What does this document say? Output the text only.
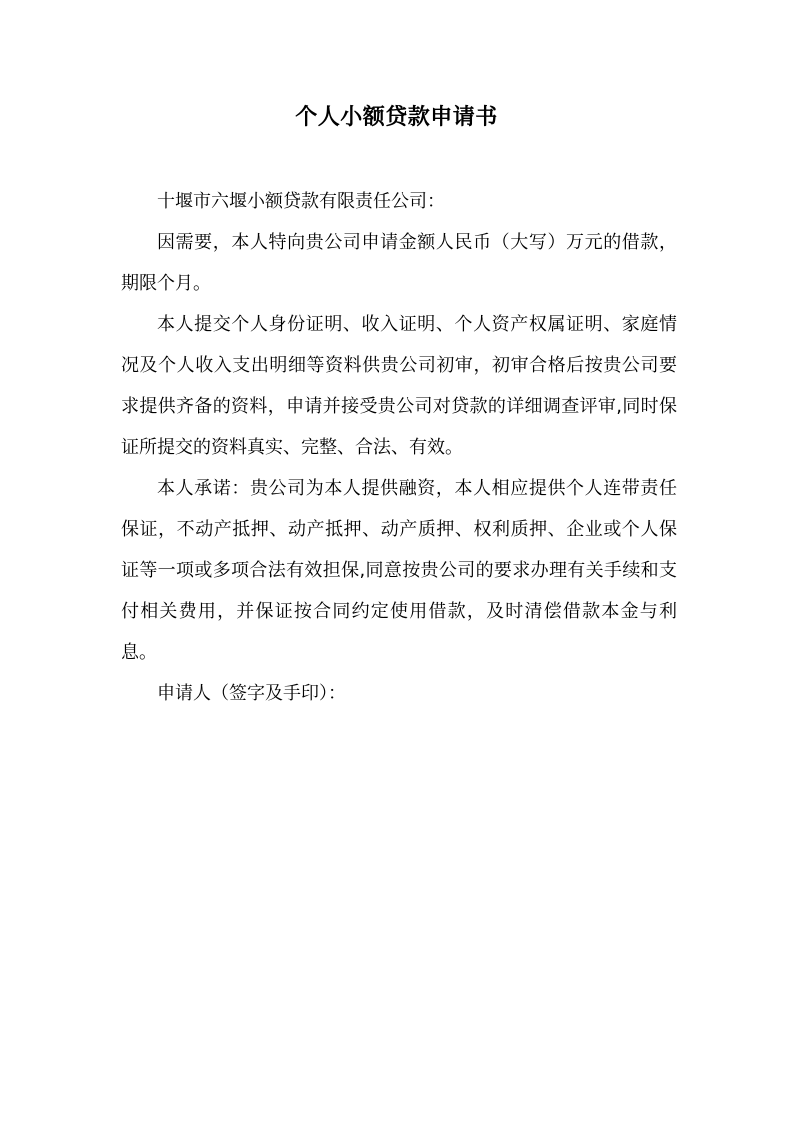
个人小额贷款申请书

十堰市六堰小额贷款有限责任公司：

因需要，本人特向贵公司申请金额人民币（大写）万元的借款，期限个月。

本人提交个人身份证明、收入证明、个人资产权属证明、家庭情况及个人收入支出明细等资料供贵公司初审，初审合格后按贵公司要求提供齐备的资料，申请并接受贵公司对贷款的详细调查评审,同时保证所提交的资料真实、完整、合法、有效。

本人承诺：贵公司为本人提供融资，本人相应提供个人连带责任保证，不动产抵押、动产抵押、动产质押、权利质押、企业或个人保证等一项或多项合法有效担保,同意按贵公司的要求办理有关手续和支付相关费用，并保证按合同约定使用借款，及时清偿借款本金与利息。

申请人（签字及手印）：
